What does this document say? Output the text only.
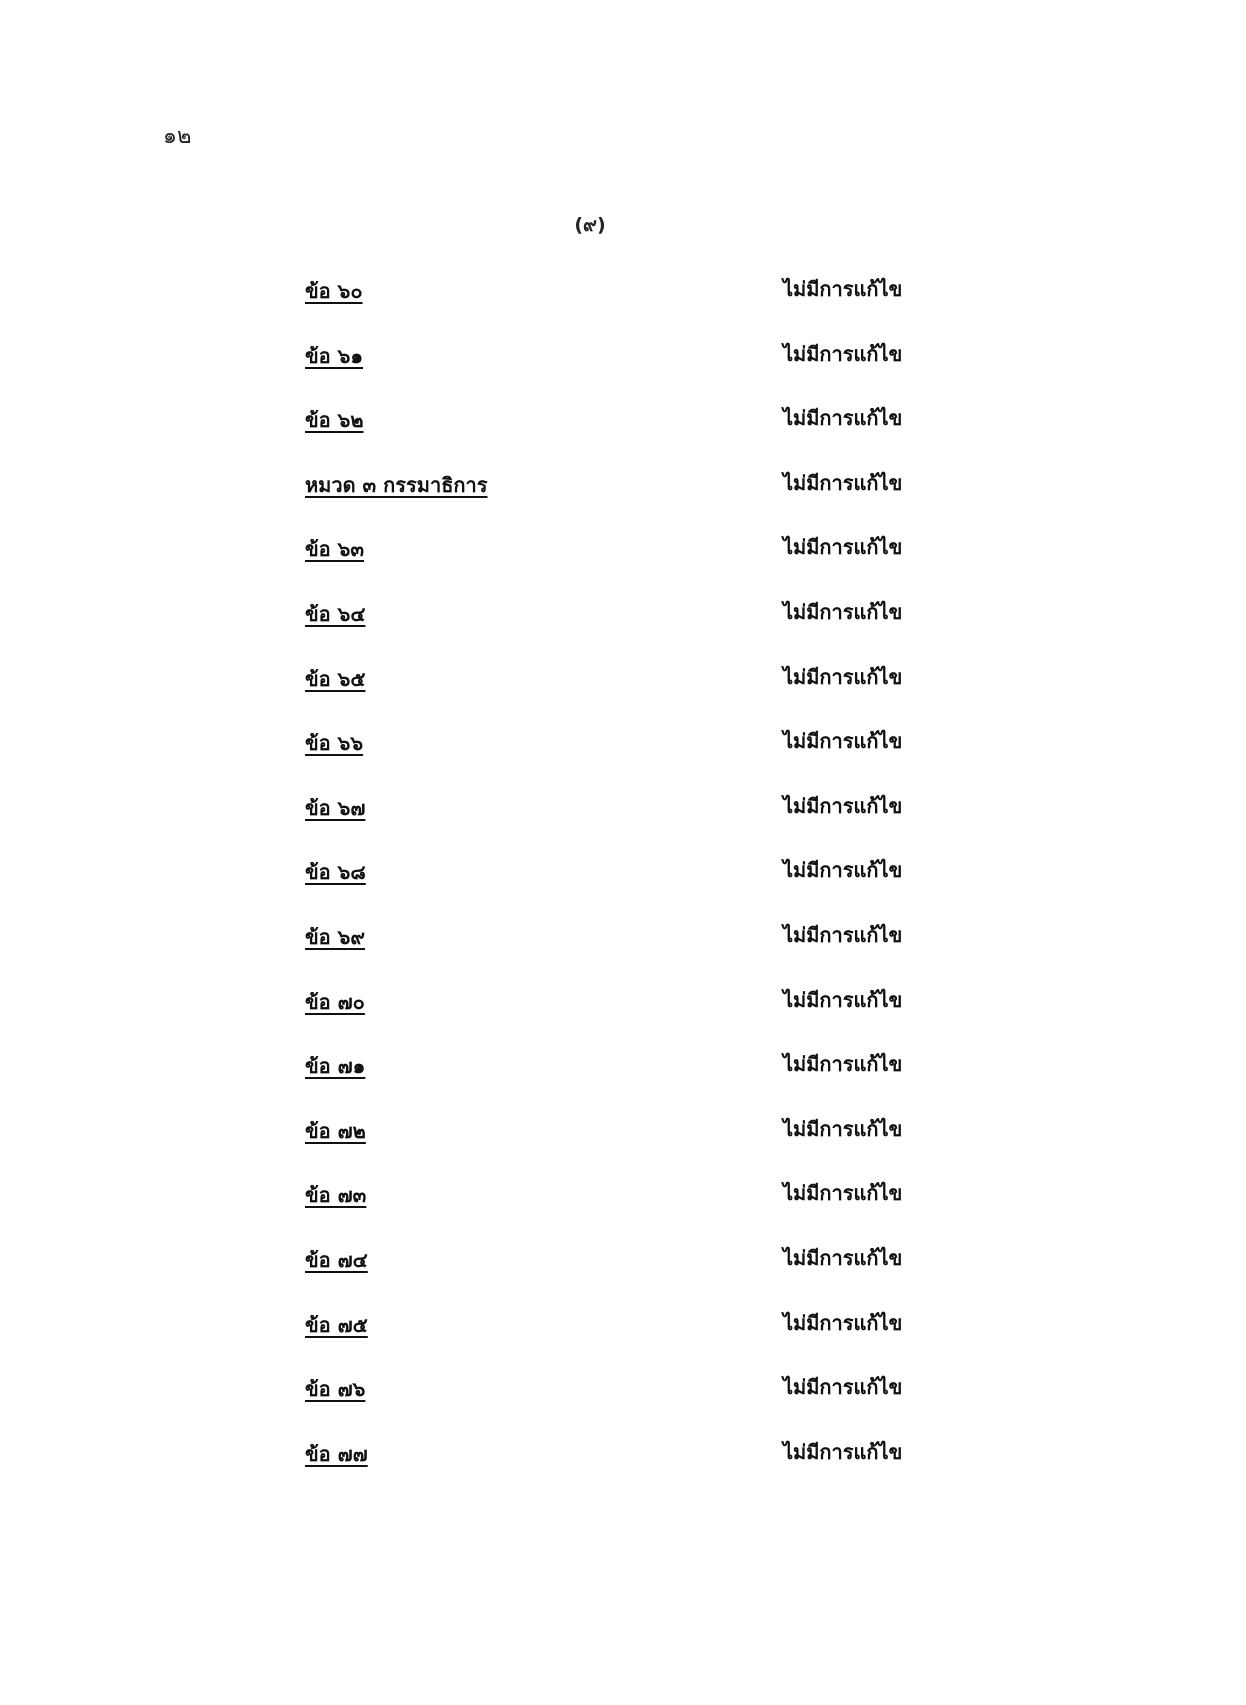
๑๒
(๙)
ข้อ ๖๐	ไม่มีการแก้ไข
ข้อ ๖๑	ไม่มีการแก้ไข
ข้อ ๖๒	ไม่มีการแก้ไข
หมวด ๓ กรรมาธิการ	ไม่มีการแก้ไข
ข้อ ๖๓	ไม่มีการแก้ไข
ข้อ ๖๔	ไม่มีการแก้ไข
ข้อ ๖๕	ไม่มีการแก้ไข
ข้อ ๖๖	ไม่มีการแก้ไข
ข้อ ๖๗	ไม่มีการแก้ไข
ข้อ ๖๘	ไม่มีการแก้ไข
ข้อ ๖๙	ไม่มีการแก้ไข
ข้อ ๗๐	ไม่มีการแก้ไข
ข้อ ๗๑	ไม่มีการแก้ไข
ข้อ ๗๒	ไม่มีการแก้ไข
ข้อ ๗๓	ไม่มีการแก้ไข
ข้อ ๗๔	ไม่มีการแก้ไข
ข้อ ๗๕	ไม่มีการแก้ไข
ข้อ ๗๖	ไม่มีการแก้ไข
ข้อ ๗๗	ไม่มีการแก้ไข
